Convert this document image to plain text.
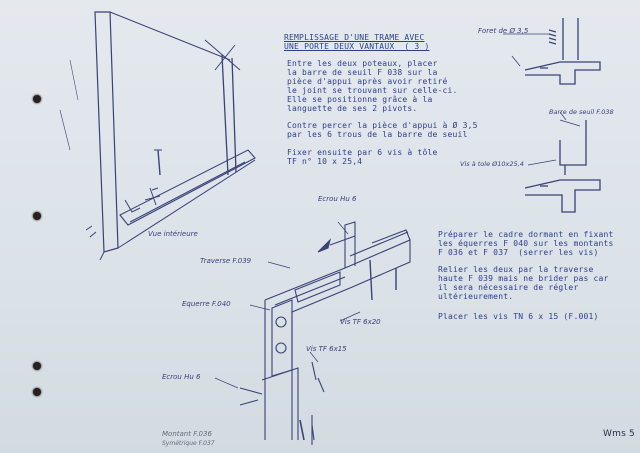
REMPLISSAGE D'UNE TRAME AVEC
UNE PORTE DEUX VANTAUX  ( 3 )
Entre les deux poteaux, placer
la barre de seuil F 038 sur la
pièce d'appui après avoir retiré
le joint se trouvant sur celle-ci.
Elle se positionne grâce à la
languette de ses 2 pivots.
Contre percer la pièce d'appui à Ø 3,5
par les 6 trous de la barre de seuil
Fixer ensuite par 6 vis à tôle
TF n° 10 x 25,4
Préparer le cadre dormant en fixant
les équerres F 040 sur les montants
F 036 et F 037  (serrer les vis)
Relier les deux par la traverse
haute F 039 mais ne brider pas car
il sera nécessaire de régler
ultérieurement.
Placer les vis TN 6 x 15 (F.001)
Foret de Ø 3,5
Barre de seuil F.038
Vis à tole Ø10x25,4
Vue intérieure
Ecrou Hu 6
Traverse F.039
Equerre F.040
Vis TF 6x20
Vis TF 6x15
Ecrou Hu 6
Montant F.036
Symétrique F.037
Wms 5
